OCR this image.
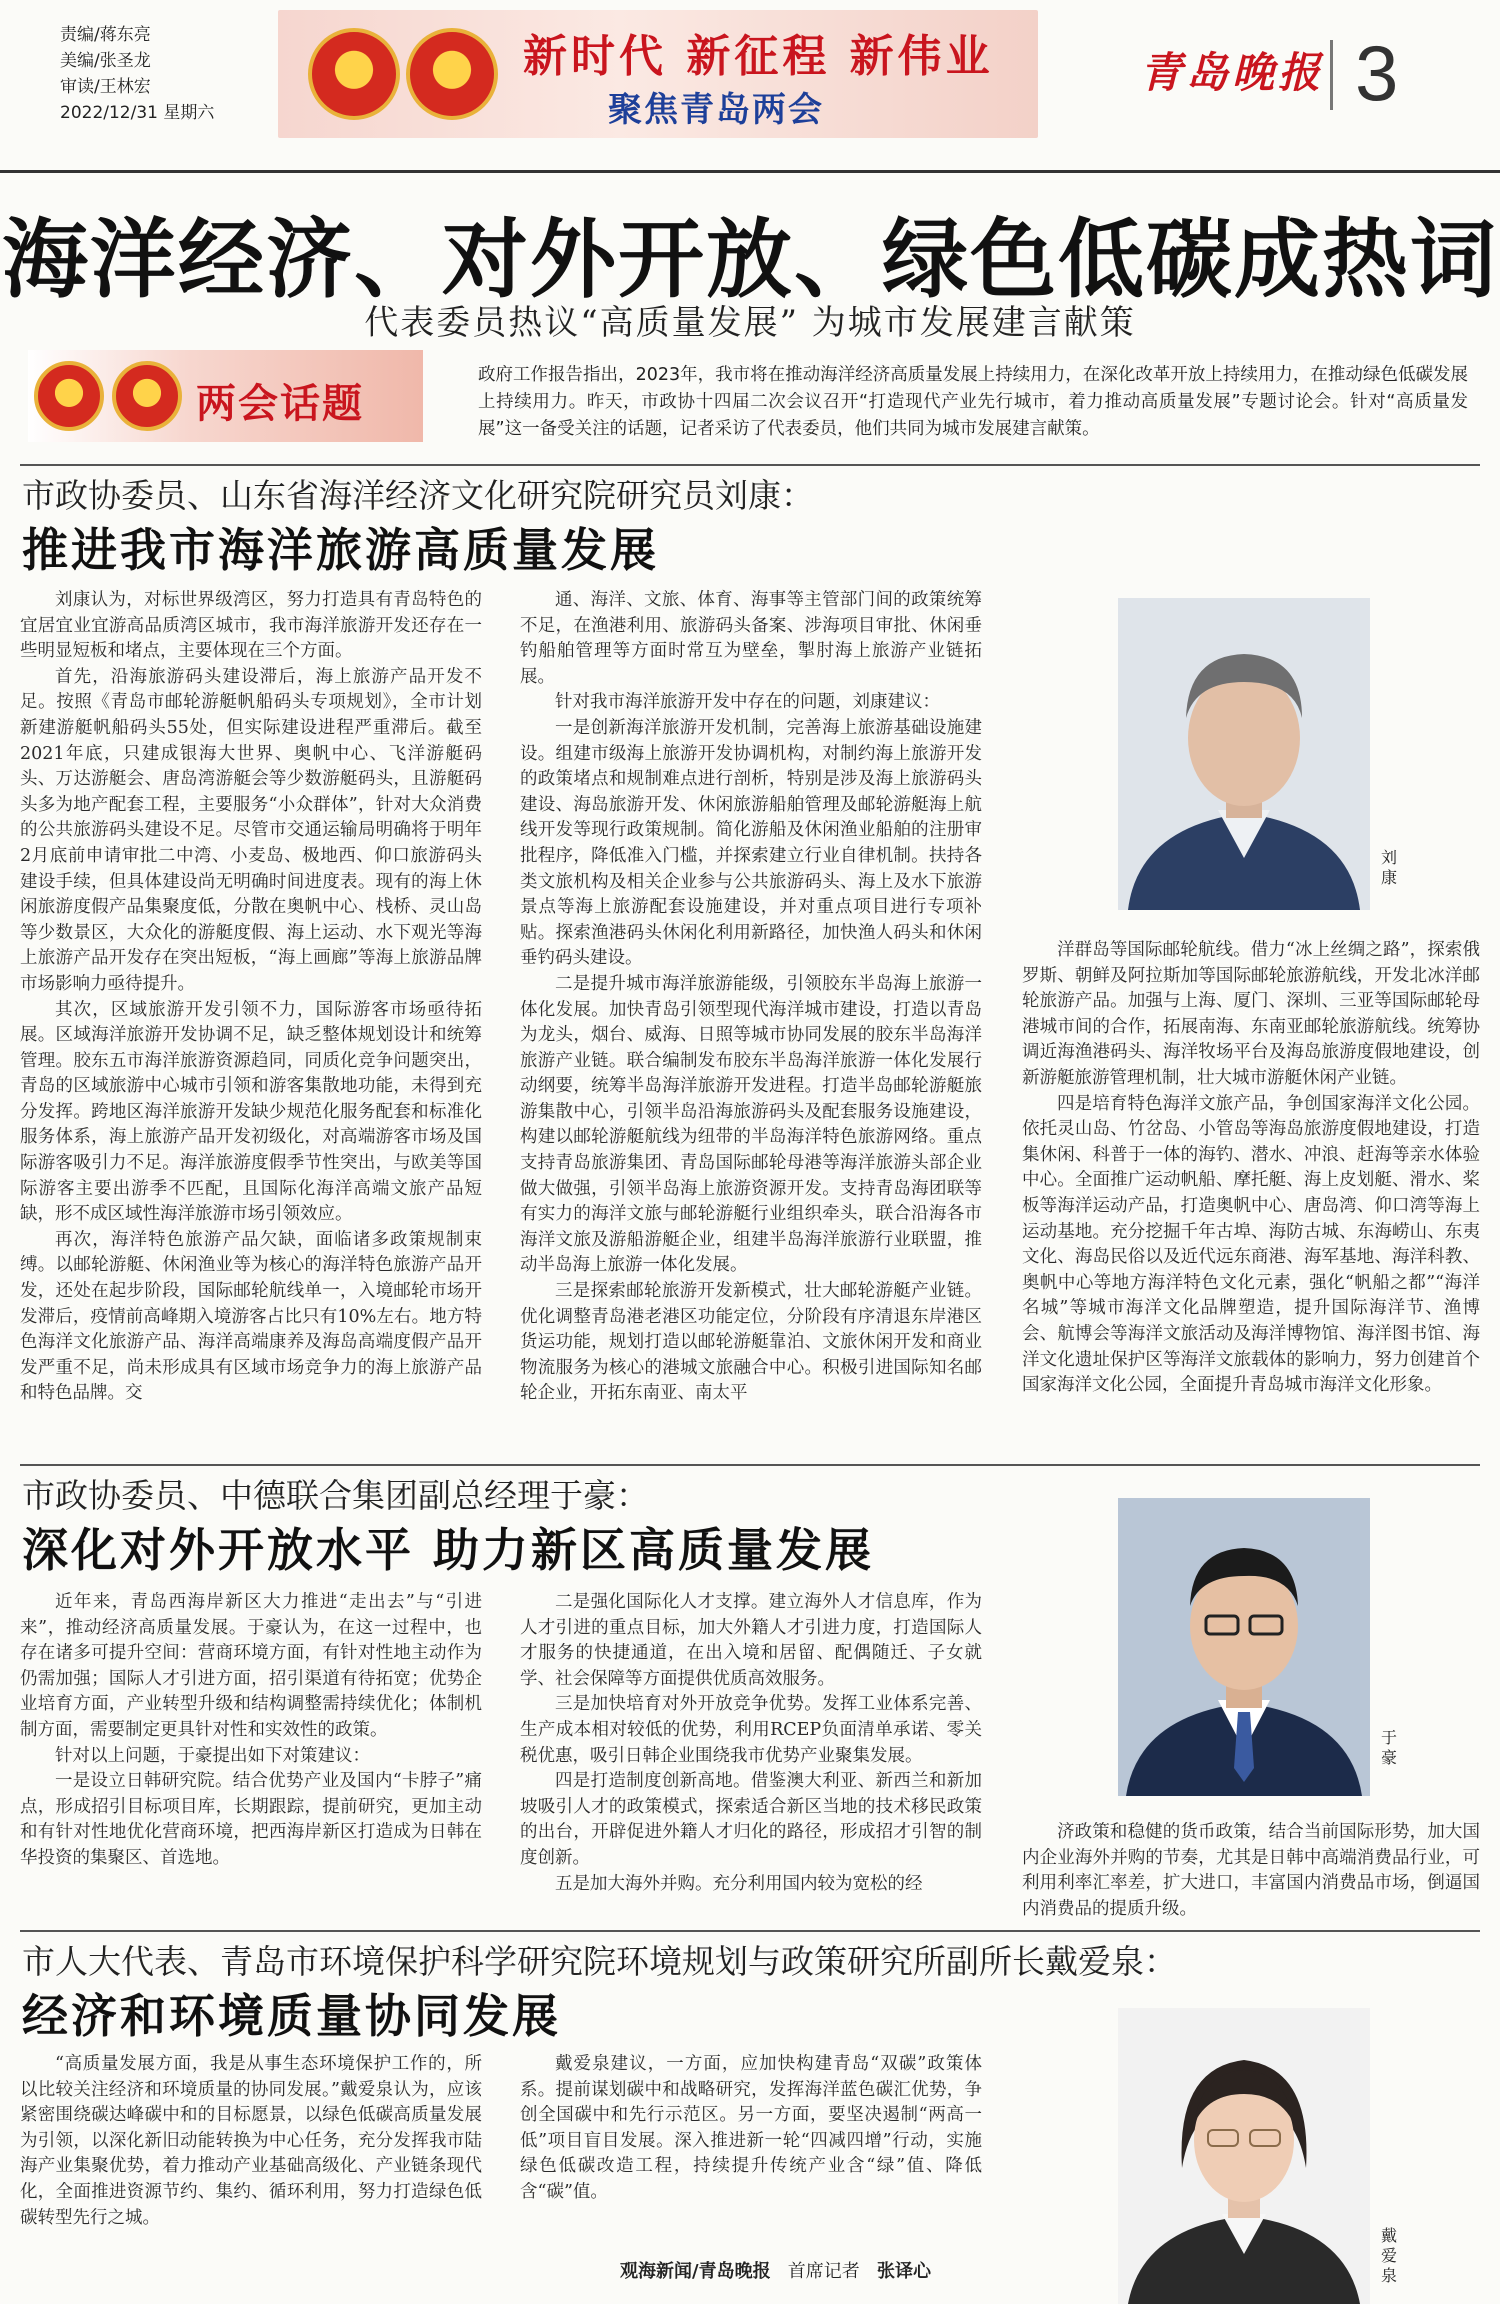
责编/蒋东亮
美编/张圣龙
审读/王林宏
2022/12/31 星期六
新时代 新征程 新伟业
聚焦青岛两会
青岛晚报 3
海洋经济、对外开放、绿色低碳成热词
代表委员热议“高质量发展” 为城市发展建言献策
两会话题
政府工作报告指出，2023年，我市将在推动海洋经济高质量发展上持续用力，在深化改革开放上持续用力，在推动绿色低碳发展上持续用力。昨天，市政协十四届二次会议召开“打造现代产业先行城市，着力推动高质量发展”专题讨论会。针对“高质量发展”这一备受关注的话题，记者采访了代表委员，他们共同为城市发展建言献策。
市政协委员、山东省海洋经济文化研究院研究员刘康：
推进我市海洋旅游高质量发展

刘康认为，对标世界级湾区，努力打造具有青岛特色的宜居宜业宜游高品质湾区城市，我市海洋旅游开发还存在一些明显短板和堵点，主要体现在三个方面。

首先，沿海旅游码头建设滞后，海上旅游产品开发不足。按照《青岛市邮轮游艇帆船码头专项规划》，全市计划新建游艇帆船码头55处，但实际建设进程严重滞后。截至2021年底，只建成银海大世界、奥帆中心、飞洋游艇码头、万达游艇会、唐岛湾游艇会等少数游艇码头，且游艇码头多为地产配套工程，主要服务“小众群体”，针对大众消费的公共旅游码头建设不足。尽管市交通运输局明确将于明年2月底前申请审批二中湾、小麦岛、极地西、仰口旅游码头建设手续，但具体建设尚无明确时间进度表。现有的海上休闲旅游度假产品集聚度低，分散在奥帆中心、栈桥、灵山岛等少数景区，大众化的游艇度假、海上运动、水下观光等海上旅游产品开发存在突出短板，“海上画廊”等海上旅游品牌市场影响力亟待提升。

其次，区域旅游开发引领不力，国际游客市场亟待拓展。区域海洋旅游开发协调不足，缺乏整体规划设计和统筹管理。胶东五市海洋旅游资源趋同，同质化竞争问题突出，青岛的区域旅游中心城市引领和游客集散地功能，未得到充分发挥。跨地区海洋旅游开发缺少规范化服务配套和标准化服务体系，海上旅游产品开发初级化，对高端游客市场及国际游客吸引力不足。海洋旅游度假季节性突出，与欧美等国际游客主要出游季不匹配，且国际化海洋高端文旅产品短缺，形不成区域性海洋旅游市场引领效应。

再次，海洋特色旅游产品欠缺，面临诸多政策规制束缚。以邮轮游艇、休闲渔业等为核心的海洋特色旅游产品开发，还处在起步阶段，国际邮轮航线单一，入境邮轮市场开发滞后，疫情前高峰期入境游客占比只有10%左右。地方特色海洋文化旅游产品、海洋高端康养及海岛高端度假产品开发严重不足，尚未形成具有区域市场竞争力的海上旅游产品和特色品牌。交

通、海洋、文旅、体育、海事等主管部门间的政策统筹不足，在渔港利用、旅游码头备案、涉海项目审批、休闲垂钓船舶管理等方面时常互为壁垒，掣肘海上旅游产业链拓展。

针对我市海洋旅游开发中存在的问题，刘康建议：

一是创新海洋旅游开发机制，完善海上旅游基础设施建设。组建市级海上旅游开发协调机构，对制约海上旅游开发的政策堵点和规制难点进行剖析，特别是涉及海上旅游码头建设、海岛旅游开发、休闲旅游船舶管理及邮轮游艇海上航线开发等现行政策规制。简化游船及休闲渔业船舶的注册审批程序，降低准入门槛，并探索建立行业自律机制。扶持各类文旅机构及相关企业参与公共旅游码头、海上及水下旅游景点等海上旅游配套设施建设，并对重点项目进行专项补贴。探索渔港码头休闲化利用新路径，加快渔人码头和休闲垂钓码头建设。

二是提升城市海洋旅游能级，引领胶东半岛海上旅游一体化发展。加快青岛引领型现代海洋城市建设，打造以青岛为龙头，烟台、威海、日照等城市协同发展的胶东半岛海洋旅游产业链。联合编制发布胶东半岛海洋旅游一体化发展行动纲要，统筹半岛海洋旅游开发进程。打造半岛邮轮游艇旅游集散中心，引领半岛沿海旅游码头及配套服务设施建设，构建以邮轮游艇航线为纽带的半岛海洋特色旅游网络。重点支持青岛旅游集团、青岛国际邮轮母港等海洋旅游头部企业做大做强，引领半岛海上旅游资源开发。支持青岛海团联等有实力的海洋文旅与邮轮游艇行业组织牵头，联合沿海各市海洋文旅及游船游艇企业，组建半岛海洋旅游行业联盟，推动半岛海上旅游一体化发展。

三是探索邮轮旅游开发新模式，壮大邮轮游艇产业链。优化调整青岛港老港区功能定位，分阶段有序清退东岸港区货运功能，规划打造以邮轮游艇靠泊、文旅休闲开发和商业物流服务为核心的港城文旅融合中心。积极引进国际知名邮轮企业，开拓东南亚、南太平

刘康

洋群岛等国际邮轮航线。借力“冰上丝绸之路”，探索俄罗斯、朝鲜及阿拉斯加等国际邮轮旅游航线，开发北冰洋邮轮旅游产品。加强与上海、厦门、深圳、三亚等国际邮轮母港城市间的合作，拓展南海、东南亚邮轮旅游航线。统筹协调近海渔港码头、海洋牧场平台及海岛旅游度假地建设，创新游艇旅游管理机制，壮大城市游艇休闲产业链。

四是培育特色海洋文旅产品，争创国家海洋文化公园。依托灵山岛、竹岔岛、小管岛等海岛旅游度假地建设，打造集休闲、科普于一体的海钓、潜水、冲浪、赶海等亲水体验中心。全面推广运动帆船、摩托艇、海上皮划艇、滑水、桨板等海洋运动产品，打造奥帆中心、唐岛湾、仰口湾等海上运动基地。充分挖掘千年古埠、海防古城、东海崂山、东夷文化、海岛民俗以及近代远东商港、海军基地、海洋科教、奥帆中心等地方海洋特色文化元素，强化“帆船之都”“海洋名城”等城市海洋文化品牌塑造，提升国际海洋节、渔博会、航博会等海洋文旅活动及海洋博物馆、海洋图书馆、海洋文化遗址保护区等海洋文旅载体的影响力，努力创建首个国家海洋文化公园，全面提升青岛城市海洋文化形象。

市政协委员、中德联合集团副总经理于豪：
深化对外开放水平 助力新区高质量发展

近年来，青岛西海岸新区大力推进“走出去”与“引进来”，推动经济高质量发展。于豪认为，在这一过程中，也存在诸多可提升空间：营商环境方面，有针对性地主动作为仍需加强；国际人才引进方面，招引渠道有待拓宽；优势企业培育方面，产业转型升级和结构调整需持续优化；体制机制方面，需要制定更具针对性和实效性的政策。

针对以上问题，于豪提出如下对策建议：

一是设立日韩研究院。结合优势产业及国内“卡脖子”痛点，形成招引目标项目库，长期跟踪，提前研究，更加主动和有针对性地优化营商环境，把西海岸新区打造成为日韩在华投资的集聚区、首选地。

二是强化国际化人才支撑。建立海外人才信息库，作为人才引进的重点目标，加大外籍人才引进力度，打造国际人才服务的快捷通道，在出入境和居留、配偶随迁、子女就学、社会保障等方面提供优质高效服务。

三是加快培育对外开放竞争优势。发挥工业体系完善、生产成本相对较低的优势，利用RCEP负面清单承诺、零关税优惠，吸引日韩企业围绕我市优势产业聚集发展。

四是打造制度创新高地。借鉴澳大利亚、新西兰和新加坡吸引人才的政策模式，探索适合新区当地的技术移民政策的出台，开辟促进外籍人才归化的路径，形成招才引智的制度创新。

五是加大海外并购。充分利用国内较为宽松的经

于豪

济政策和稳健的货币政策，结合当前国际形势，加大国内企业海外并购的节奏，尤其是日韩中高端消费品行业，可利用利率汇率差，扩大进口，丰富国内消费品市场，倒逼国内消费品的提质升级。

市人大代表、青岛市环境保护科学研究院环境规划与政策研究所副所长戴爱泉：
经济和环境质量协同发展

“高质量发展方面，我是从事生态环境保护工作的，所以比较关注经济和环境质量的协同发展。”戴爱泉认为，应该紧密围绕碳达峰碳中和的目标愿景，以绿色低碳高质量发展为引领，以深化新旧动能转换为中心任务，充分发挥我市陆海产业集聚优势，着力推动产业基础高级化、产业链条现代化，全面推进资源节约、集约、循环利用，努力打造绿色低碳转型先行之城。

戴爱泉建议，一方面，应加快构建青岛“双碳”政策体系。提前谋划碳中和战略研究，发挥海洋蓝色碳汇优势，争创全国碳中和先行示范区。另一方面，要坚决遏制“两高一低”项目盲目发展。深入推进新一轮“四减四增”行动，实施绿色低碳改造工程，持续提升传统产业含“绿”值、降低含“碳”值。

观海新闻/青岛晚报 首席记者 张译心
戴爱泉
